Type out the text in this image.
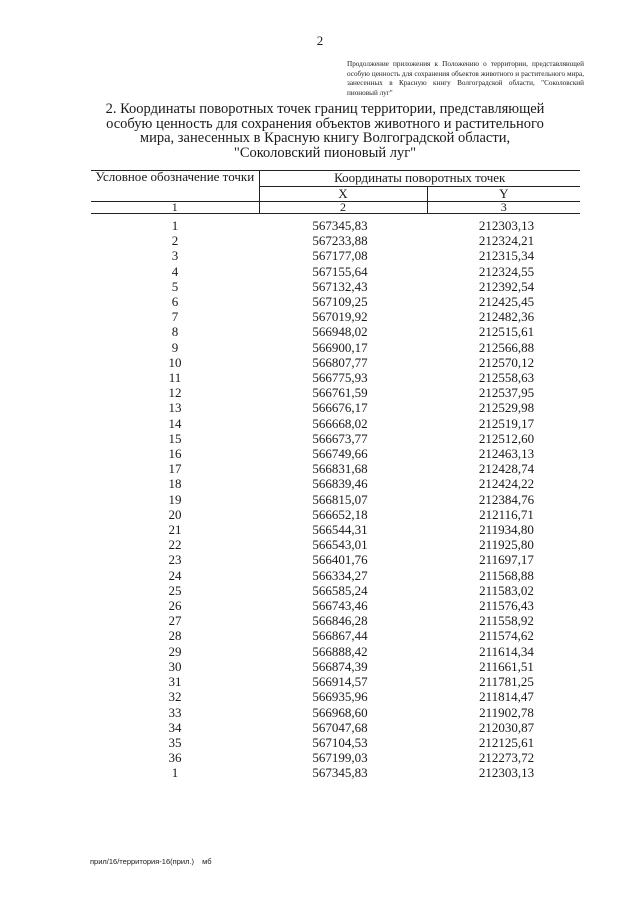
2
Продолжение приложения к Положению о территории, представляющей особую ценность для сохранения объектов животного и растительного мира, занесенных в Красную книгу Волгоградской области, "Соколовский пионовый луг"
2. Координаты поворотных точек границ территории, представляющей
особую ценность для сохранения объектов животного и растительного
мира, занесенных в Красную книгу Волгоградской области,
"Соколовский пионовый луг"
Условное обозначение точки	Координаты поворотных точек	
	X	Y
1	2	3

1	567345,83	212303,13
2	567233,88	212324,21
3	567177,08	212315,34
4	567155,64	212324,55
5	567132,43	212392,54
6	567109,25	212425,45
7	567019,92	212482,36
8	566948,02	212515,61
9	566900,17	212566,88
10	566807,77	212570,12
11	566775,93	212558,63
12	566761,59	212537,95
13	566676,17	212529,98
14	566668,02	212519,17
15	566673,77	212512,60
16	566749,66	212463,13
17	566831,68	212428,74
18	566839,46	212424,22
19	566815,07	212384,76
20	566652,18	212116,71
21	566544,31	211934,80
22	566543,01	211925,80
23	566401,76	211697,17
24	566334,27	211568,88
25	566585,24	211583,02
26	566743,46	211576,43
27	566846,28	211558,92
28	566867,44	211574,62
29	566888,42	211614,34
30	566874,39	211661,51
31	566914,57	211781,25
32	566935,96	211814,47
33	566968,60	211902,78
34	567047,68	212030,87
35	567104,53	212125,61
36	567199,03	212273,72
1	567345,83	212303,13
прил/16/территория-16(прил.) мб
